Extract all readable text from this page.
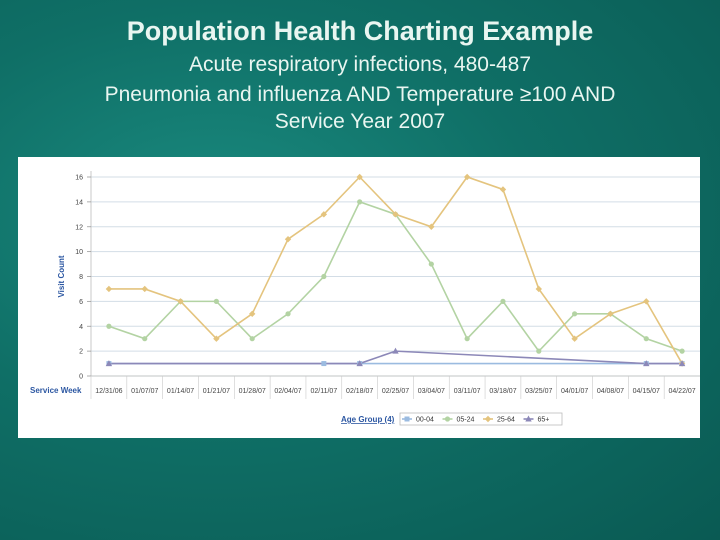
Population Health Charting Example
Acute respiratory infections, 480-487
Pneumonia and influenza AND Temperature ≥100 AND
Service Year 2007
0
2
4
6
8
10
12
14
16
12/31/06 01/07/07 01/14/07 01/21/07 01/28/07 02/04/07 02/11/07 02/18/07 02/25/07 03/04/07 03/11/07 03/18/07 03/25/07 04/01/07 04/08/07 04/15/07 04/22/07
Visit Count
Service Week
Age Group (4)	00-04	05-24	25-64	65+
